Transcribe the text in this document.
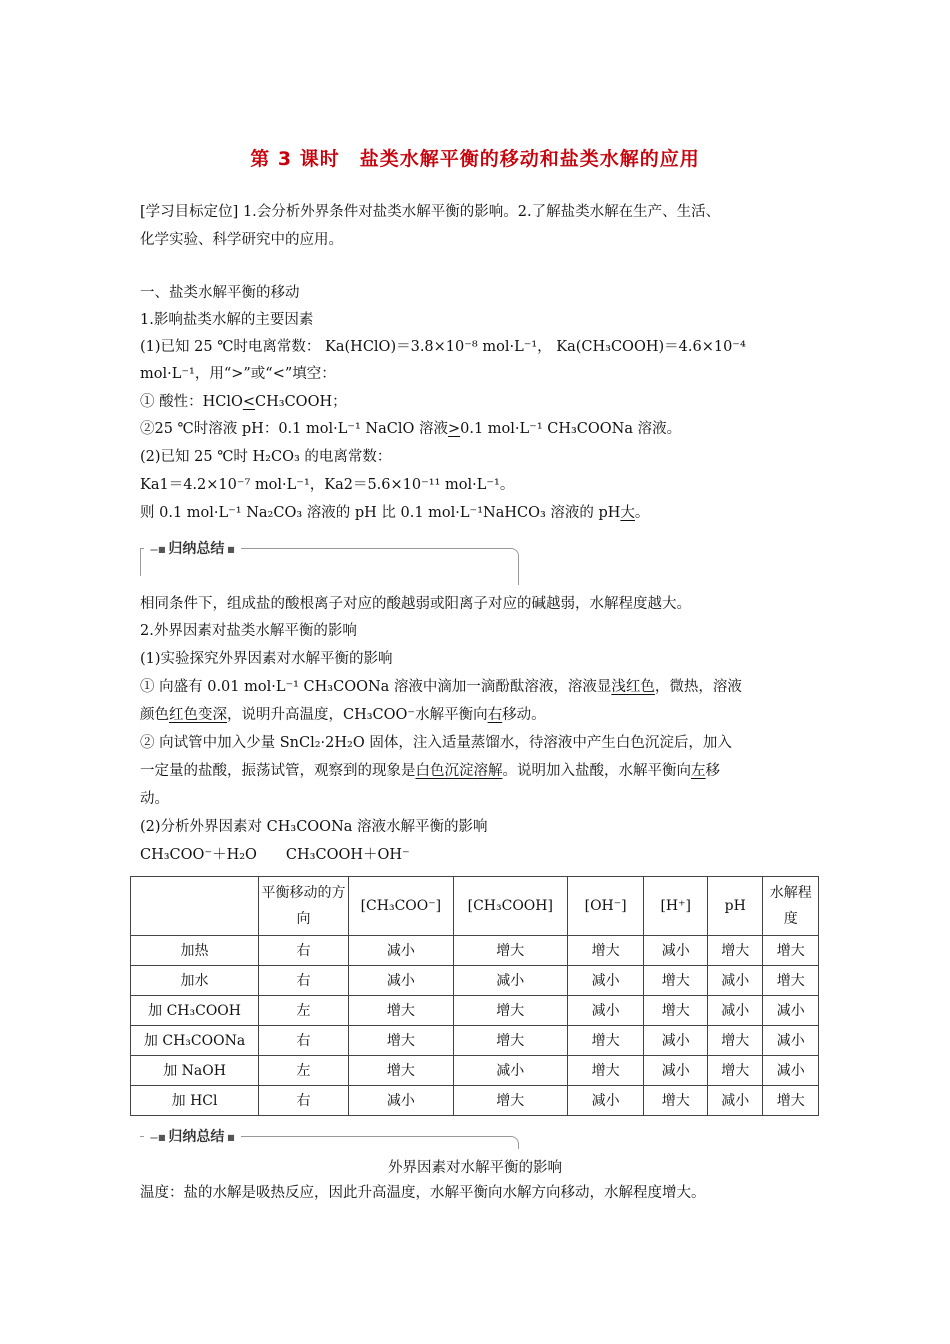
第 3 课时　盐类水解平衡的移动和盐类水解的应用
[学习目标定位] 1.会分析外界条件对盐类水解平衡的影响。2.了解盐类水解在生产、生活、
化学实验、科学研究中的应用。
一、盐类水解平衡的移动
1.影响盐类水解的主要因素
(1)已知 25 ℃时电离常数： Ka(HClO)＝3.8×10⁻⁸ mol·L⁻¹， Ka(CH₃COOH)＝4.6×10⁻⁴
mol·L⁻¹，用“>”或“<”填空：
① 酸性：HClO<CH₃COOH；
②25 ℃时溶液 pH：0.1 mol·L⁻¹ NaClO 溶液>0.1 mol·L⁻¹ CH₃COONa 溶液。
(2)已知 25 ℃时 H₂CO₃ 的电离常数：
Ka1＝4.2×10⁻⁷ mol·L⁻¹，Ka2＝5.6×10⁻¹¹ mol·L⁻¹。
则 0.1 mol·L⁻¹ Na₂CO₃ 溶液的 pH 比 0.1 mol·L⁻¹NaHCO₃ 溶液的 pH大。
—■ 归纳总结 ■
相同条件下，组成盐的酸根离子对应的酸越弱或阳离子对应的碱越弱，水解程度越大。
2.外界因素对盐类水解平衡的影响
(1)实验探究外界因素对水解平衡的影响
① 向盛有 0.01 mol·L⁻¹ CH₃COONa 溶液中滴加一滴酚酞溶液，溶液显浅红色，微热，溶液
颜色红色变深，说明升高温度，CH₃COO⁻水解平衡向右移动。
② 向试管中加入少量 SnCl₂·2H₂O 固体，注入适量蒸馏水，待溶液中产生白色沉淀后，加入
一定量的盐酸，振荡试管，观察到的现象是白色沉淀溶解。说明加入盐酸，水解平衡向左移
动。
(2)分析外界因素对 CH₃COONa 溶液水解平衡的影响
CH₃COO⁻＋H₂O　　CH₃COOH＋OH⁻
	平衡移动的方向	[CH₃COO⁻]	[CH₃COOH]	[OH⁻]	[H⁺]	pH	水解程度
加热	右	减小	增大	增大	减小	增大	增大
加水	右	减小	减小	减小	增大	减小	增大
加 CH₃COOH	左	增大	增大	减小	增大	减小	减小
加 CH₃COONa	右	增大	增大	增大	减小	增大	减小
加 NaOH	左	增大	减小	增大	减小	增大	减小
加 HCl	右	减小	增大	减小	增大	减小	增大
—■ 归纳总结 ■
外界因素对水解平衡的影响
温度：盐的水解是吸热反应，因此升高温度，水解平衡向水解方向移动，水解程度增大。
